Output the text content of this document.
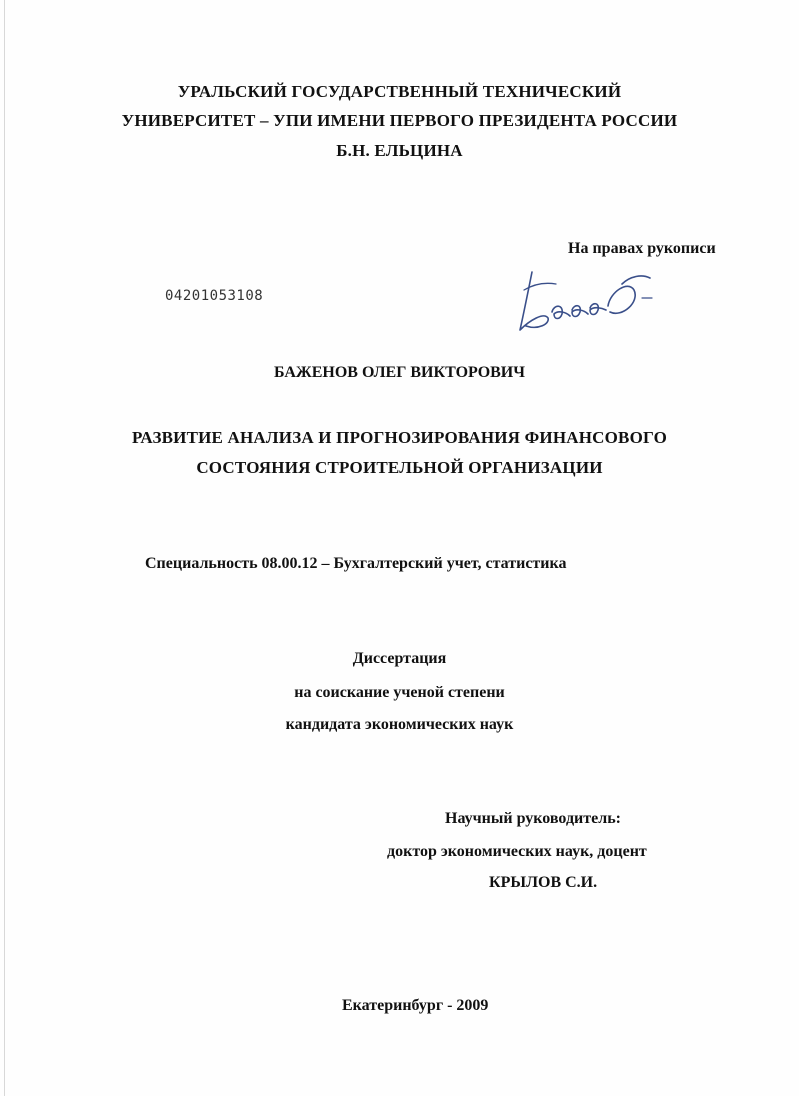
УРАЛЬСКИЙ ГОСУДАРСТВЕННЫЙ ТЕХНИЧЕСКИЙ
УНИВЕРСИТЕТ – УПИ ИМЕНИ ПЕРВОГО ПРЕЗИДЕНТА РОССИИ
Б.Н. ЕЛЬЦИНА
На правах рукописи
04201053108
БАЖЕНОВ ОЛЕГ ВИКТОРОВИЧ
РАЗВИТИЕ АНАЛИЗА И ПРОГНОЗИРОВАНИЯ ФИНАНСОВОГО
СОСТОЯНИЯ СТРОИТЕЛЬНОЙ ОРГАНИЗАЦИИ
Специальность 08.00.12 – Бухгалтерский учет, статистика
Диссертация
на соискание ученой степени
кандидата экономических наук
Научный руководитель:
доктор экономических наук, доцент
КРЫЛОВ С.И.
Екатеринбург - 2009
